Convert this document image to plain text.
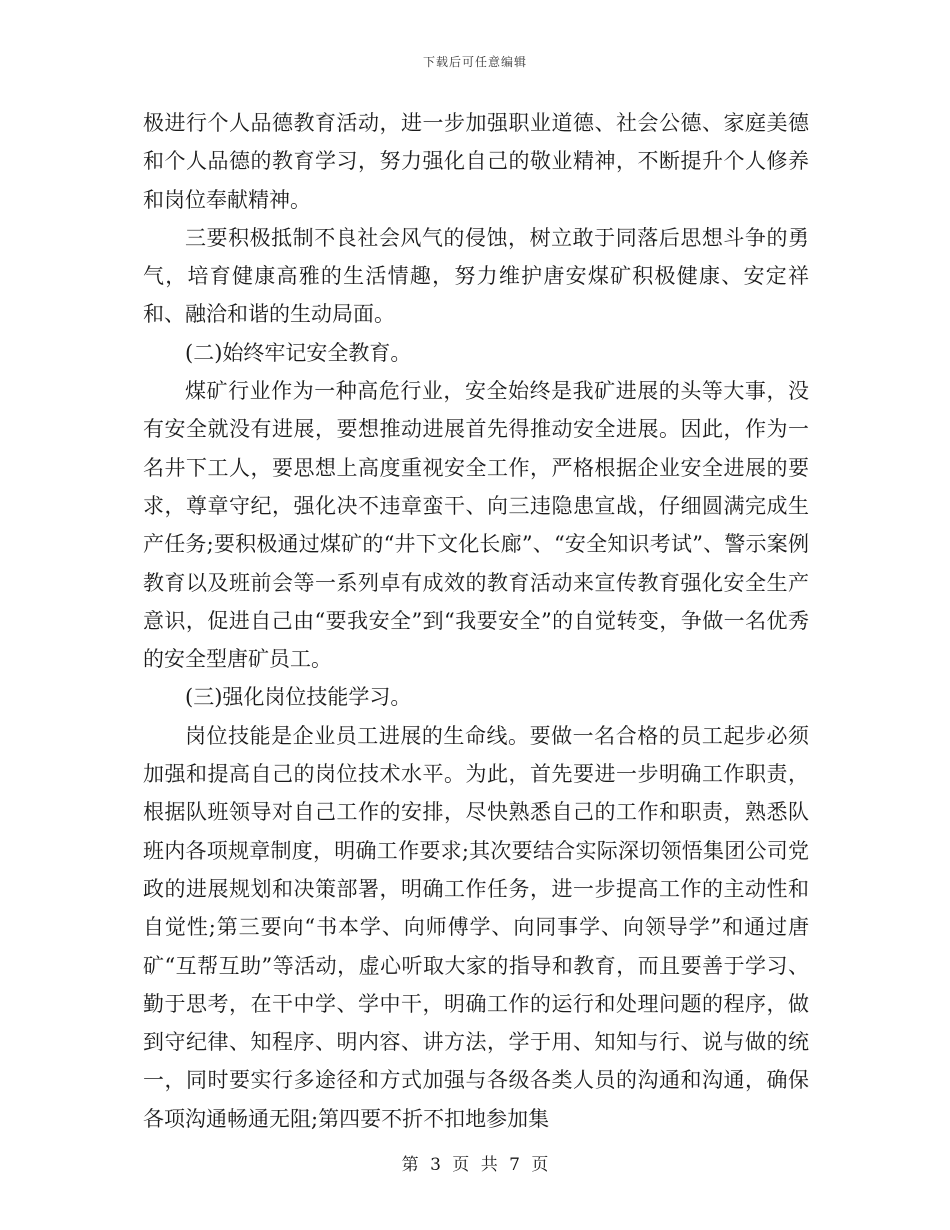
下载后可任意编辑

极进行个人品德教育活动，进一步加强职业道德、社会公德、家庭美德和个人品德的教育学习，努力强化自己的敬业精神，不断提升个人修养和岗位奉献精神。

三要积极抵制不良社会风气的侵蚀，树立敢于同落后思想斗争的勇气，培育健康高雅的生活情趣，努力维护唐安煤矿积极健康、安定祥和、融洽和谐的生动局面。

(二)始终牢记安全教育。

煤矿行业作为一种高危行业，安全始终是我矿进展的头等大事，没有安全就没有进展，要想推动进展首先得推动安全进展。因此，作为一名井下工人，要思想上高度重视安全工作，严格根据企业安全进展的要求，尊章守纪，强化决不违章蛮干、向三违隐患宣战，仔细圆满完成生产任务;要积极通过煤矿的“井下文化长廊”、“安全知识考试”、警示案例教育以及班前会等一系列卓有成效的教育活动来宣传教育强化安全生产意识，促进自己由“要我安全”到“我要安全”的自觉转变，争做一名优秀的安全型唐矿员工。

(三)强化岗位技能学习。

岗位技能是企业员工进展的生命线。要做一名合格的员工起步必须加强和提高自己的岗位技术水平。为此，首先要进一步明确工作职责，根据队班领导对自己工作的安排，尽快熟悉自己的工作和职责，熟悉队班内各项规章制度，明确工作要求;其次要结合实际深切领悟集团公司党政的进展规划和决策部署，明确工作任务，进一步提高工作的主动性和自觉性;第三要向“书本学、向师傅学、向同事学、向领导学”和通过唐矿“互帮互助”等活动，虚心听取大家的指导和教育，而且要善于学习、勤于思考，在干中学、学中干，明确工作的运行和处理问题的程序，做到守纪律、知程序、明内容、讲方法，学于用、知知与行、说与做的统一，同时要实行多途径和方式加强与各级各类人员的沟通和沟通，确保各项沟通畅通无阻;第四要不折不扣地参加集

第 3 页 共 7 页
